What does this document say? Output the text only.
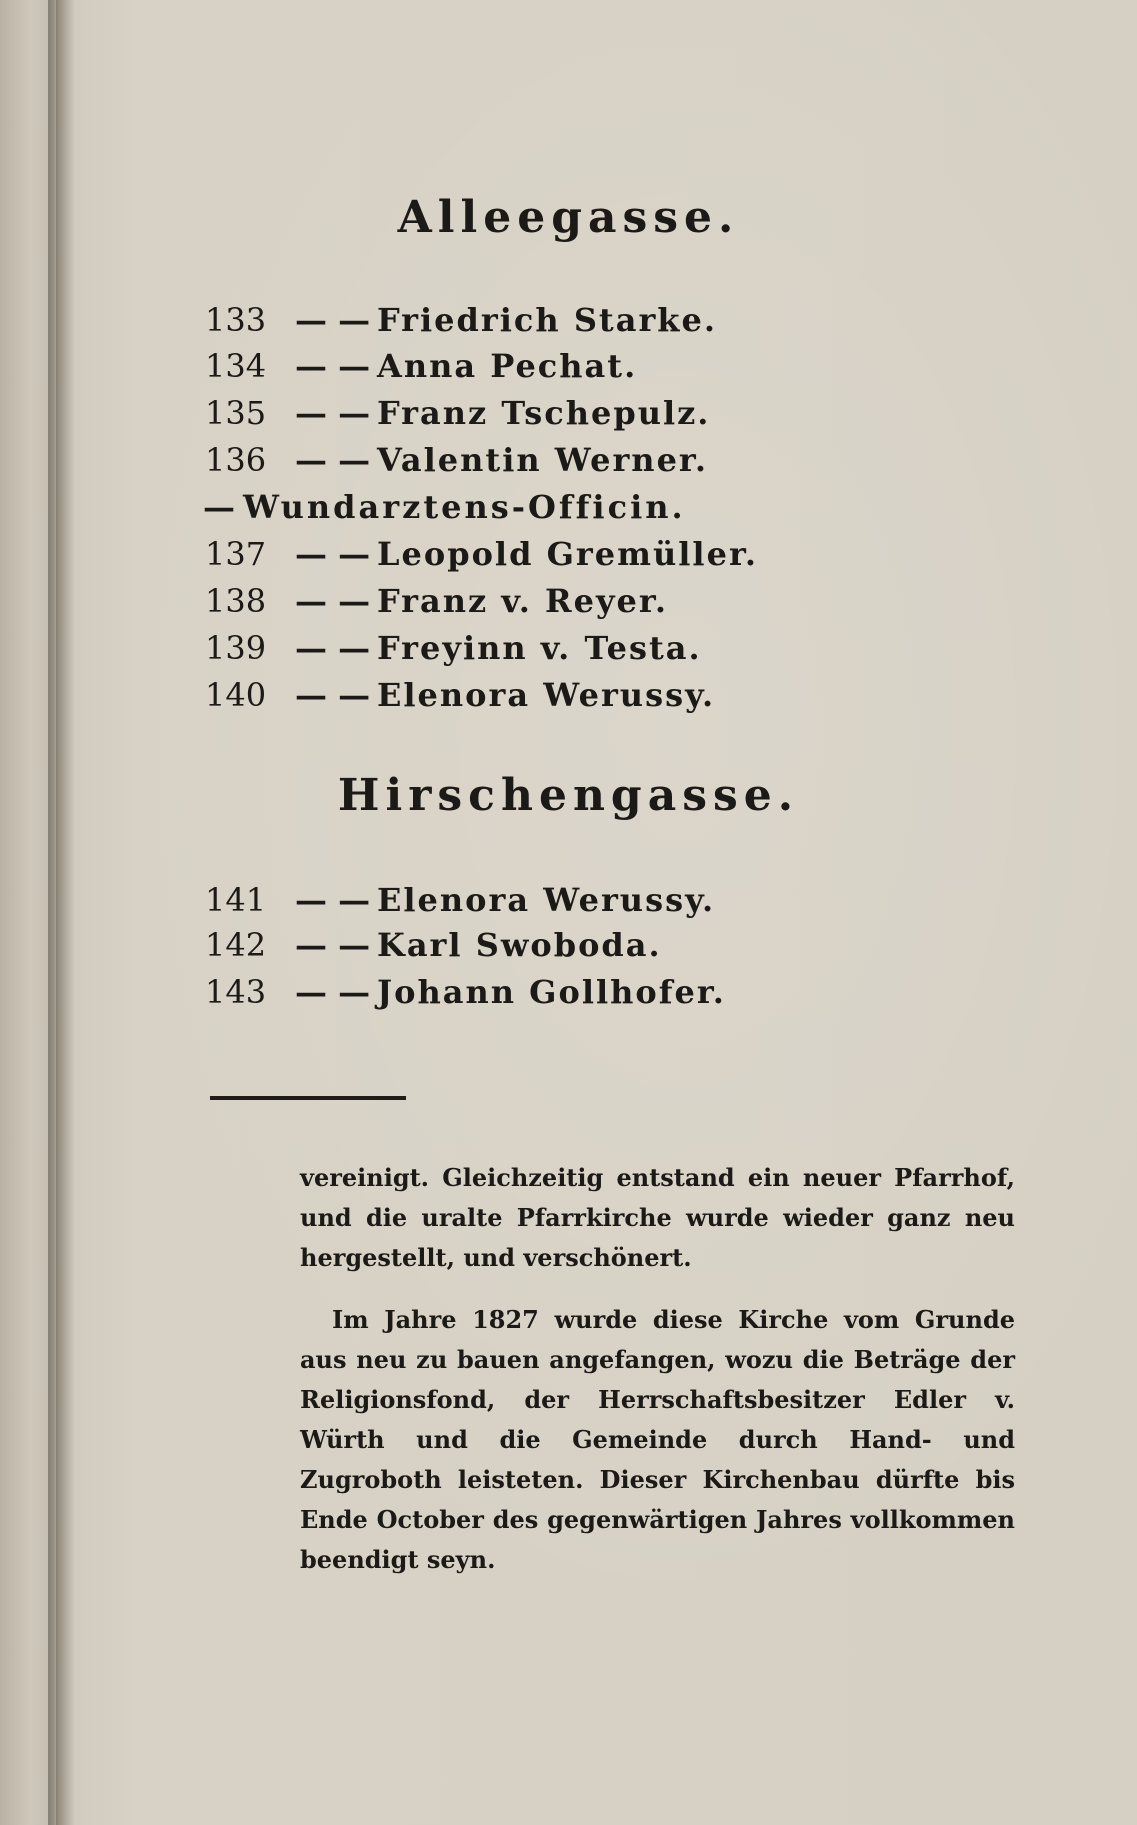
Alleegasse.
133 — — Friedrich Starke.
134 — — Anna Pechat.
135 — — Franz Tschepulz.
136 — — Valentin Werner.
— Wundarztens-Officin.
137 — — Leopold Gremüller.
138 — — Franz v. Reyer.
139 — — Freyinn v. Testa.
140 — — Elenora Werussy.
Hirschengasse.
141 — — Elenora Werussy.
142 — — Karl Swoboda.
143 — — Johann Gollhofer.

vereinigt. Gleichzeitig entstand ein neuer Pfarrhof, und die uralte Pfarrkirche wurde wieder ganz neu hergestellt, und verschönert.

Im Jahre 1827 wurde diese Kirche vom Grunde aus neu zu bauen angefangen, wozu die Beträge der Religionsfond, der Herrschaftsbesitzer Edler v. Würth und die Gemeinde durch Hand- und Zugroboth leisteten. Dieser Kirchenbau dürfte bis Ende October des gegenwärtigen Jahres vollkommen beendigt seyn.
